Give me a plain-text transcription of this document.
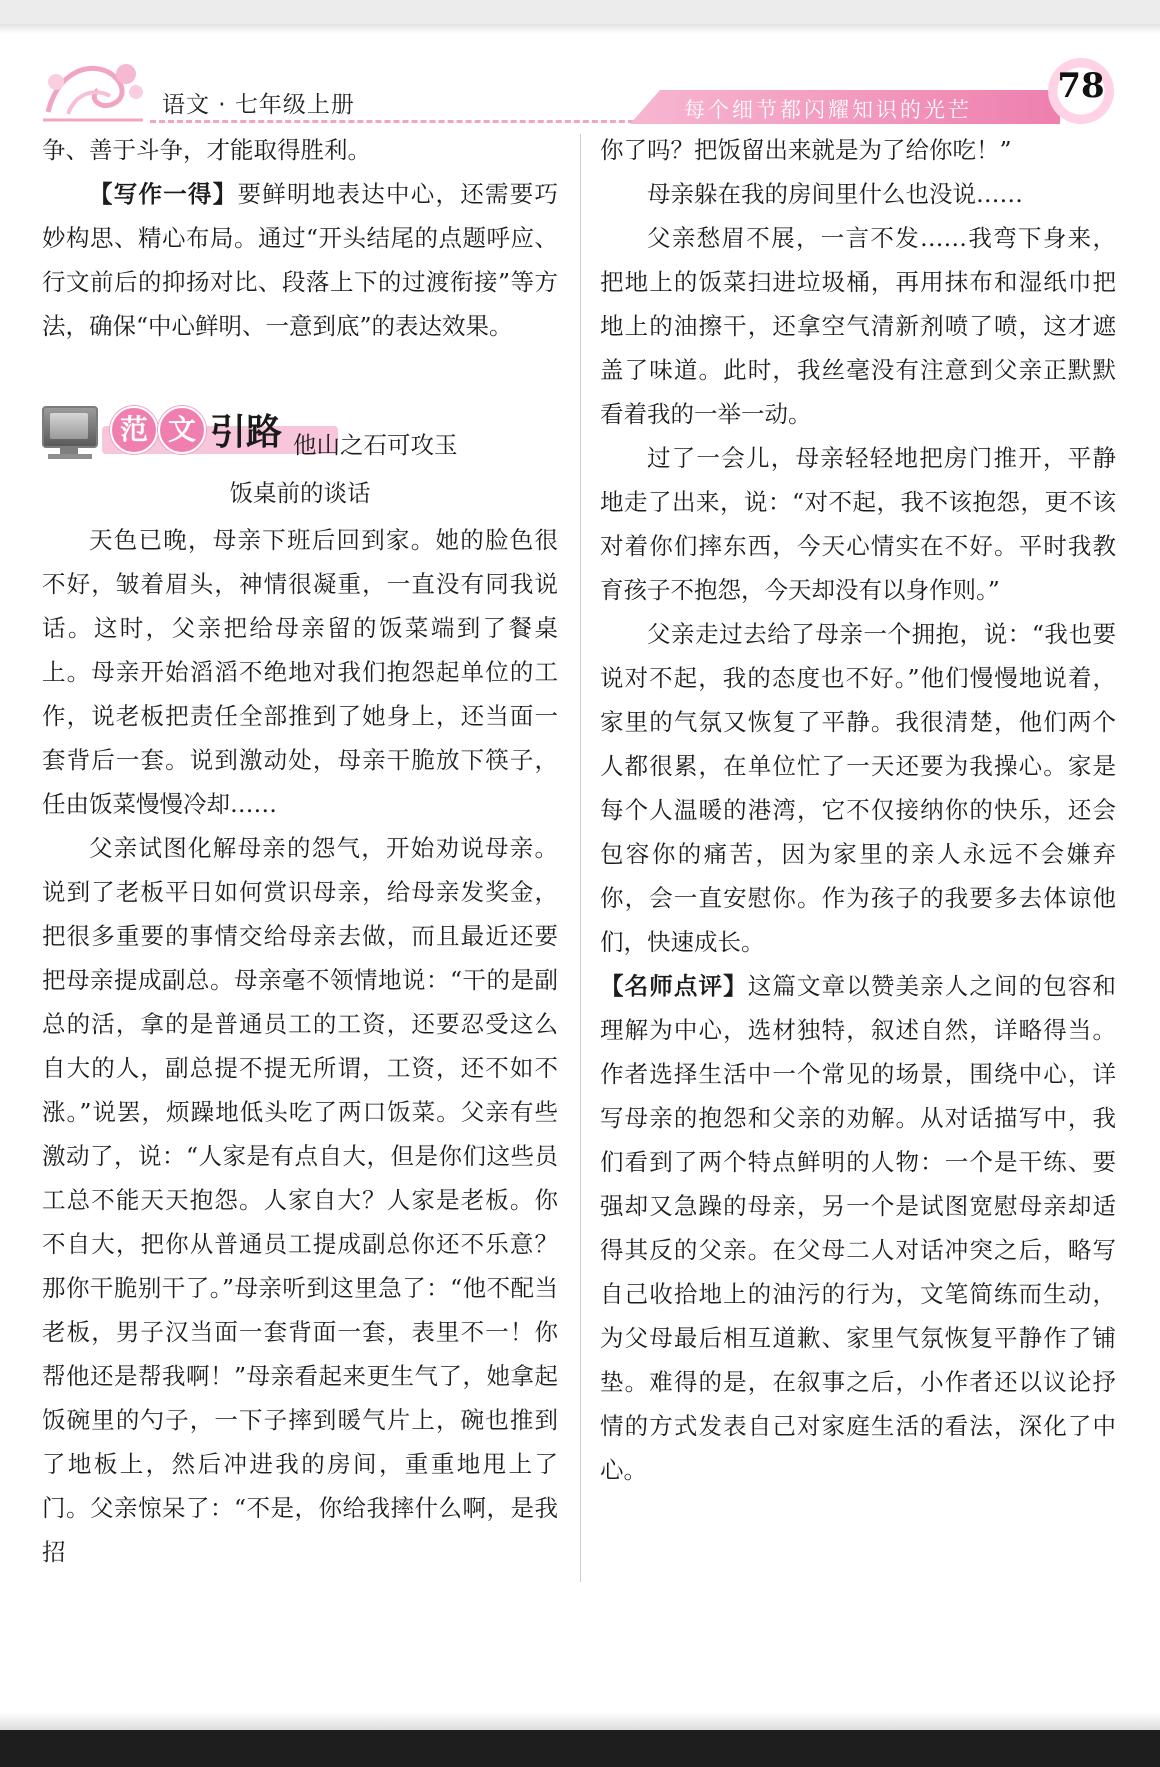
语文 · 七年级上册	每个细节都闪耀知识的光芒
78

争、善于斗争，才能取得胜利。

【写作一得】要鲜明地表达中心，还需要巧妙构思、精心布局。通过“开头结尾的点题呼应、行文前后的抑扬对比、段落上下的过渡衔接”等方法，确保“中心鲜明、一意到底”的表达效果。

范 文 引路 他山之石可攻玉
饭桌前的谈话

天色已晚，母亲下班后回到家。她的脸色很不好，皱着眉头，神情很凝重，一直没有同我说话。这时，父亲把给母亲留的饭菜端到了餐桌上。母亲开始滔滔不绝地对我们抱怨起单位的工作，说老板把责任全部推到了她身上，还当面一套背后一套。说到激动处，母亲干脆放下筷子，任由饭菜慢慢冷却……

父亲试图化解母亲的怨气，开始劝说母亲。说到了老板平日如何赏识母亲，给母亲发奖金，把很多重要的事情交给母亲去做，而且最近还要把母亲提成副总。母亲毫不领情地说：“干的是副总的活，拿的是普通员工的工资，还要忍受这么自大的人，副总提不提无所谓，工资，还不如不涨。”说罢，烦躁地低头吃了两口饭菜。父亲有些激动了，说：“人家是有点自大，但是你们这些员工总不能天天抱怨。人家自大？人家是老板。你不自大，把你从普通员工提成副总你还不乐意？那你干脆别干了。”母亲听到这里急了：“他不配当老板，男子汉当面一套背面一套，表里不一！你帮他还是帮我啊！”母亲看起来更生气了，她拿起饭碗里的勺子，一下子摔到暖气片上，碗也推到了地板上，然后冲进我的房间，重重地甩上了门。父亲惊呆了：“不是，你给我摔什么啊，是我招

你了吗？把饭留出来就是为了给你吃！”

母亲躲在我的房间里什么也没说……

父亲愁眉不展，一言不发……我弯下身来，把地上的饭菜扫进垃圾桶，再用抹布和湿纸巾把地上的油擦干，还拿空气清新剂喷了喷，这才遮盖了味道。此时，我丝毫没有注意到父亲正默默看着我的一举一动。

过了一会儿，母亲轻轻地把房门推开，平静地走了出来，说：“对不起，我不该抱怨，更不该对着你们摔东西，今天心情实在不好。平时我教育孩子不抱怨，今天却没有以身作则。”

父亲走过去给了母亲一个拥抱，说：“我也要说对不起，我的态度也不好。”他们慢慢地说着，家里的气氛又恢复了平静。我很清楚，他们两个人都很累，在单位忙了一天还要为我操心。家是每个人温暖的港湾，它不仅接纳你的快乐，还会包容你的痛苦，因为家里的亲人永远不会嫌弃你，会一直安慰你。作为孩子的我要多去体谅他们，快速成长。

【名师点评】这篇文章以赞美亲人之间的包容和理解为中心，选材独特，叙述自然，详略得当。作者选择生活中一个常见的场景，围绕中心，详写母亲的抱怨和父亲的劝解。从对话描写中，我们看到了两个特点鲜明的人物：一个是干练、要强却又急躁的母亲，另一个是试图宽慰母亲却适得其反的父亲。在父母二人对话冲突之后，略写自己收拾地上的油污的行为，文笔简练而生动，为父母最后相互道歉、家里气氛恢复平静作了铺垫。难得的是，在叙事之后，小作者还以议论抒情的方式发表自己对家庭生活的看法，深化了中心。
